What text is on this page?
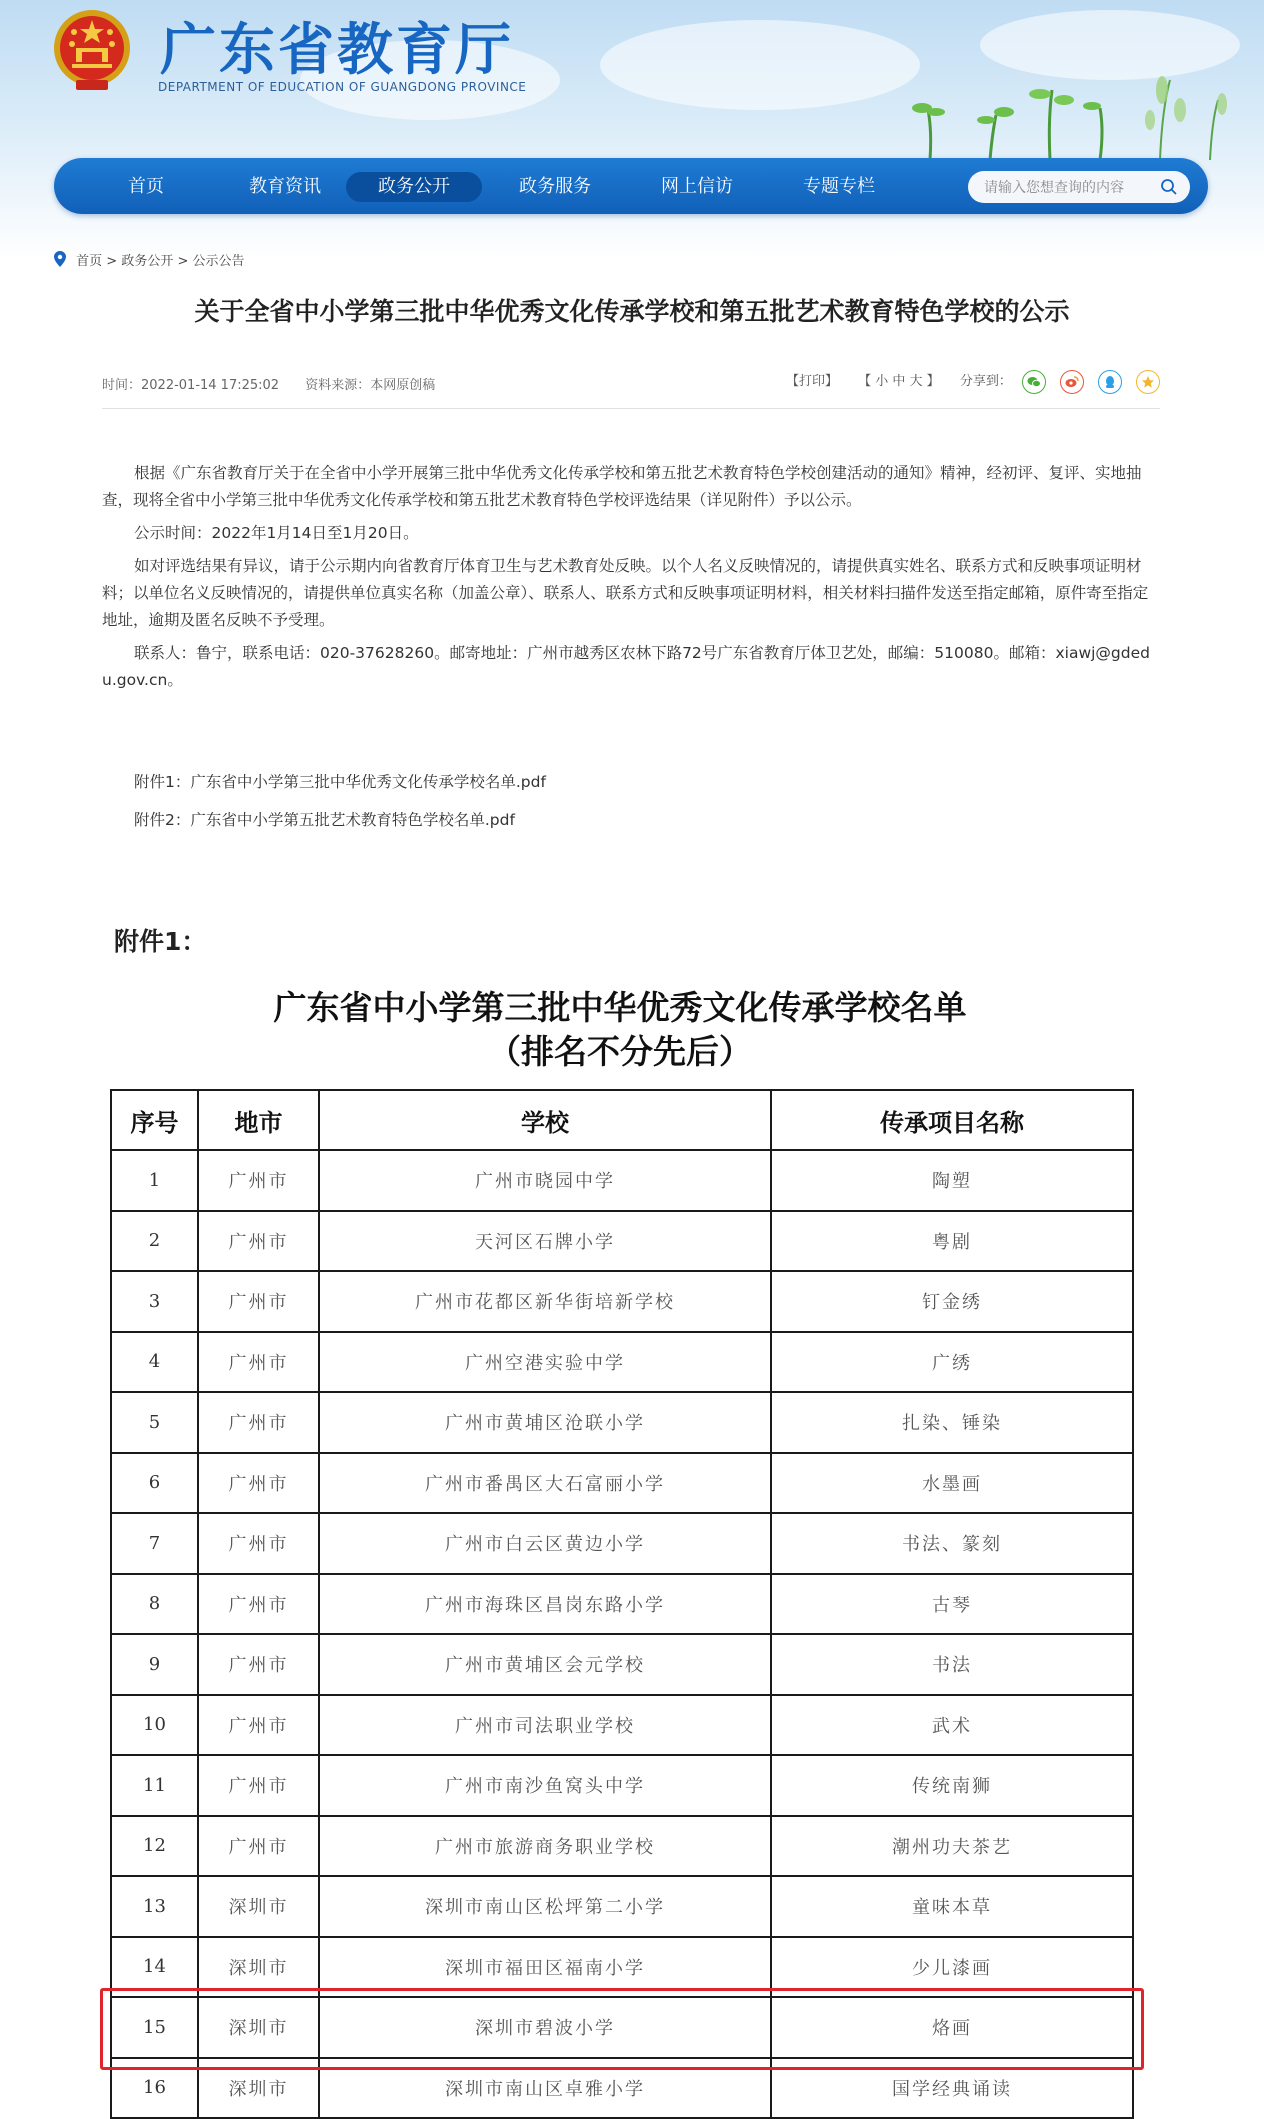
广东省教育厅
DEPARTMENT OF EDUCATION OF GUANGDONG PROVINCE
首页	教育资讯	政务公开	政务服务	网上信访	专题专栏
请输入您想查询的内容
首页 > 政务公开 > 公示公告
关于全省中小学第三批中华优秀文化传承学校和第五批艺术教育特色学校的公示
时间：2022-01-14 17:25:02 资料来源：本网原创稿	【打印】 【 小 中 大 】 分享到：

根据《广东省教育厅关于在全省中小学开展第三批中华优秀文化传承学校和第五批艺术教育特色学校创建活动的通知》精神，经初评、复评、实地抽查，现将全省中小学第三批中华优秀文化传承学校和第五批艺术教育特色学校评选结果（详见附件）予以公示。

公示时间：2022年1月14日至1月20日。

如对评选结果有异议，请于公示期内向省教育厅体育卫生与艺术教育处反映。以个人名义反映情况的，请提供真实姓名、联系方式和反映事项证明材料；以单位名义反映情况的，请提供单位真实名称（加盖公章）、联系人、联系方式和反映事项证明材料，相关材料扫描件发送至指定邮箱，原件寄至指定地址，逾期及匿名反映不予受理。

联系人：鲁宁，联系电话：020-37628260。邮寄地址：广州市越秀区农林下路72号广东省教育厅体卫艺处，邮编：510080。邮箱：xiawj@gdedu.gov.cn。

附件1：广东省中小学第三批中华优秀文化传承学校名单.pdf
附件2：广东省中小学第五批艺术教育特色学校名单.pdf
附件1：
广东省中小学第三批中华优秀文化传承学校名单
（排名不分先后）
序号	地市	学校	传承项目名称
1	广州市	广州市晓园中学	陶塑
2	广州市	天河区石牌小学	粤剧
3	广州市	广州市花都区新华街培新学校	钉金绣
4	广州市	广州空港实验中学	广绣
5	广州市	广州市黄埔区沧联小学	扎染、锤染
6	广州市	广州市番禺区大石富丽小学	水墨画
7	广州市	广州市白云区黄边小学	书法、篆刻
8	广州市	广州市海珠区昌岗东路小学	古琴
9	广州市	广州市黄埔区会元学校	书法
10	广州市	广州市司法职业学校	武术
11	广州市	广州市南沙鱼窝头中学	传统南狮
12	广州市	广州市旅游商务职业学校	潮州功夫茶艺
13	深圳市	深圳市南山区松坪第二小学	童味本草
14	深圳市	深圳市福田区福南小学	少儿漆画
15	深圳市	深圳市碧波小学	烙画
16	深圳市	深圳市南山区卓雅小学	国学经典诵读
